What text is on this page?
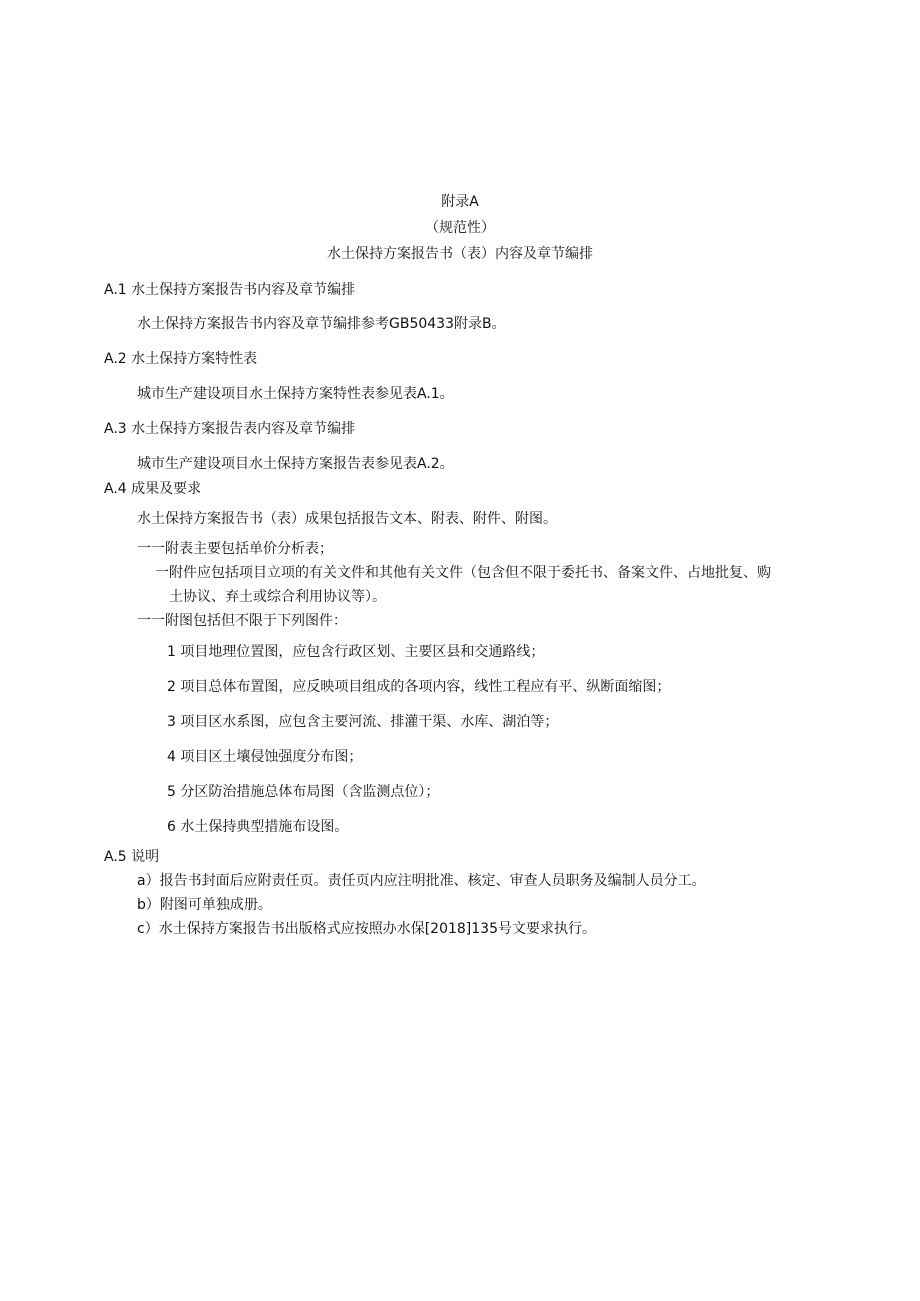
附录A
（规范性）
水土保持方案报告书（表）内容及章节编排
A.1 水土保持方案报告书内容及章节编排
水土保持方案报告书内容及章节编排参考GB50433附录B。
A.2 水土保持方案特性表
城市生产建设项目水土保持方案特性表参见表A.1。
A.3 水土保持方案报告表内容及章节编排
城市生产建设项目水土保持方案报告表参见表A.2。
A.4 成果及要求
水土保持方案报告书（表）成果包括报告文本、附表、附件、附图。
一一附表主要包括单价分析表；
一附件应包括项目立项的有关文件和其他有关文件（包含但不限于委托书、备案文件、占地批复、购
土协议、弃土或综合利用协议等）。
一一附图包括但不限于下列图件：
1 项目地理位置图，应包含行政区划、主要区县和交通路线；
2 项目总体布置图，应反映项目组成的各项内容，线性工程应有平、纵断面缩图；
3 项目区水系图，应包含主要河流、排灌干渠、水库、湖泊等；
4 项目区土壤侵蚀强度分布图；
5 分区防治措施总体布局图（含监测点位）；
6 水土保持典型措施布设图。
A.5 说明
a）报告书封面后应附责任页。责任页内应注明批准、核定、审查人员职务及编制人员分工。
b）附图可单独成册。
c）水土保持方案报告书出版格式应按照办水保[2018]135号文要求执行。
